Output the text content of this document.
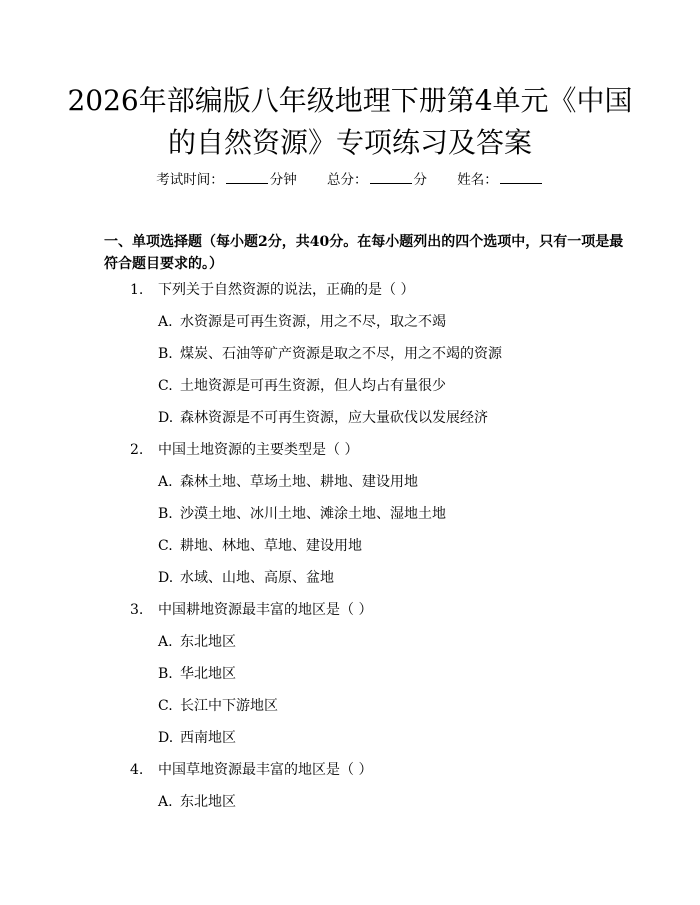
2026年部编版八年级地理下册第4单元《中国的自然资源》专项练习及答案
考试时间：	分钟 总分：	分 姓名：
一、单项选择题（每小题2分，共40分。在每小题列出的四个选项中，只有一项是最符合题目要求的。）
1. 下列关于自然资源的说法，正确的是（ ）
A. 水资源是可再生资源，用之不尽，取之不竭
B. 煤炭、石油等矿产资源是取之不尽，用之不竭的资源
C. 土地资源是可再生资源，但人均占有量很少
D. 森林资源是不可再生资源，应大量砍伐以发展经济
2. 中国土地资源的主要类型是（ ）
A. 森林土地、草场土地、耕地、建设用地
B. 沙漠土地、冰川土地、滩涂土地、湿地土地
C. 耕地、林地、草地、建设用地
D. 水域、山地、高原、盆地
3. 中国耕地资源最丰富的地区是（ ）
A. 东北地区
B. 华北地区
C. 长江中下游地区
D. 西南地区
4. 中国草地资源最丰富的地区是（ ）
A. 东北地区
